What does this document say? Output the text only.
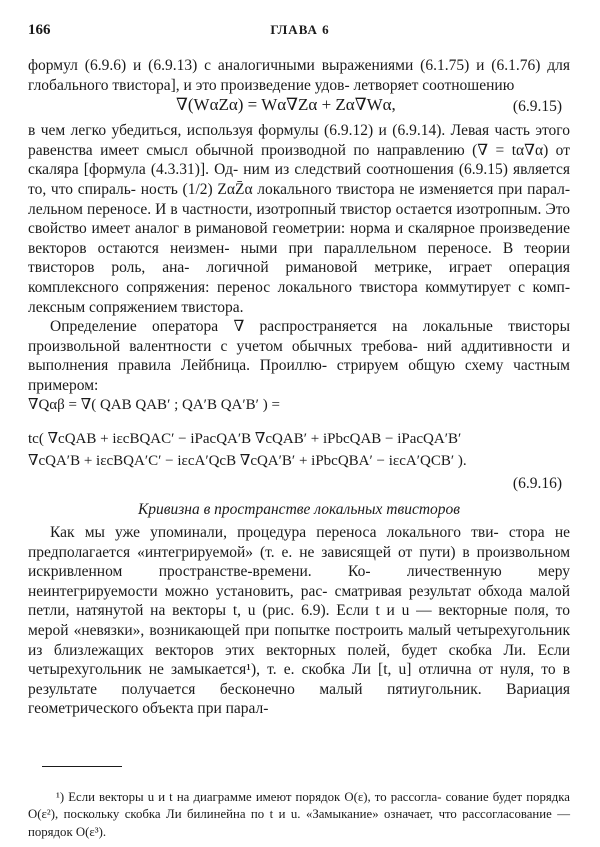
166	ГЛАВА 6

формул (6.9.6) и (6.9.13) с аналогичными выражениями (6.1.75) и (6.1.76) для глобального твистора], и это произведение удов- летворяет соотношению

∇(WαZα) = Wα∇Zα + Zα∇Wα,	(6.9.15)

в чем легко убедиться, используя формулы (6.9.12) и (6.9.14). Левая часть этого равенства имеет смысл обычной производной по направлению (∇ = tα∇α) от скаляра [формула (4.3.31)]. Од- ним из следствий соотношения (6.9.15) является то, что спираль- ность (1/2) ZαZ̄α локального твистора не изменяется при парал- лельном переносе. И в частности, изотропный твистор остается изотропным. Это свойство имеет аналог в римановой геометрии: норма и скалярное произведение векторов остаются неизмен- ными при параллельном переносе. В теории твисторов роль, ана- логичной римановой метрике, играет операция комплексного сопряжения: перенос локального твистора коммутирует с комп- лексным сопряжением твистора.

Определение оператора ∇ распространяется на локальные твисторы произвольной валентности с учетом обычных требова- ний аддитивности и выполнения правила Лейбница. Проиллю- стрируем общую схему частным примером:

∇Qαβ = ∇( QAB QAB′ ; QA′B QA′B′ ) =
tc( ∇cQAB + iεcBQAC′ − iPacQA′B ∇cQAB′ + iPbcQAB − iPacQA′B′
∇cQA′B + iεcBQA′C′ − iεcA′QcB ∇cQA′B′ + iPbcQBA′ − iεcA′QCB′ ).
(6.9.16)
Кривизна в пространстве локальных твисторов

Как мы уже упоминали, процедура переноса локального тви- стора не предполагается «интегрируемой» (т. е. не зависящей от пути) в произвольном искривленном пространстве-времени. Ко- личественную меру неинтегрируемости можно установить, рас- сматривая результат обхода малой петли, натянутой на векторы t, u (рис. 6.9). Если t и u — векторные поля, то мерой «невязки», возникающей при попытке построить малый четырехугольник из близлежащих векторов этих векторных полей, будет скобка Ли. Если четырехугольник не замыкается¹), т. е. скобка Ли [t, u] отлична от нуля, то в результате получается бесконечно малый пятиугольник. Вариация геометрического объекта при парал-

¹) Если векторы u и t на диаграмме имеют порядок O(ε), то рассогла- сование будет порядка O(ε²), поскольку скобка Ли билинейна по t и u. «Замыкание» означает, что рассогласование — порядок O(ε³).
